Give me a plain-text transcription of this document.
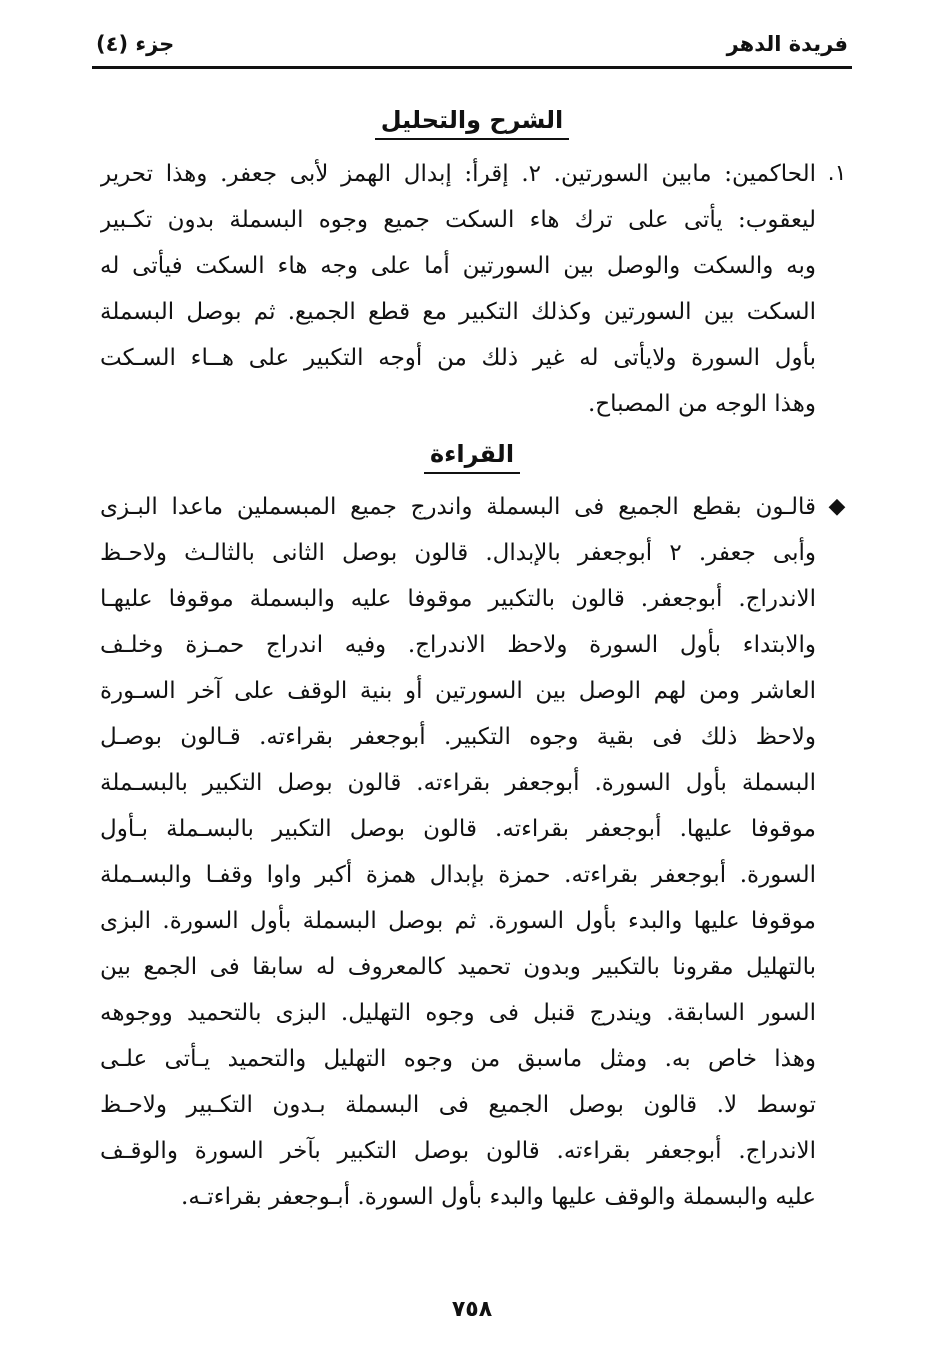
فريدة الدهر
جزء (٤)
الشرح والتحليل
١.
الحاكمين: مابين السورتين. ٢. إقرأ: إبدال الهمز لأبى جعفر. وهذا تحرير
ليعقوب: يأتى على ترك هاء السكت جميع وجوه البسملة بدون تكـبير
وبه والسكت والوصل بين السورتين أما على وجه هاء السكت فيأتى له
السكت بين السورتين وكذلك التكبير مع قطع الجميع. ثم بوصل البسملة
بأول السورة ولايأتى له غير ذلك من أوجه التكبير على هــاء السـكت
وهذا الوجه من المصباح.
القراءة
◆
قالـون بقطع الجميع فى البسملة واندرج جميع المبسملين ماعدا البـزى
وأبى جعفر. ٢ أبوجعفر بالإبدال. قالون بوصل الثانى بالثالـث ولاحـظ
الاندراج. أبوجعفر. قالون بالتكبير موقوفا عليه والبسملة موقوفا عليهـا
والابتداء بأول السورة ولاحظ الاندراج. وفيه اندراج حمـزة وخلـف
العاشر ومن لهم الوصل بين السورتين أو بنية الوقف على آخر السـورة
ولاحظ ذلك فى بقية وجوه التكبير. أبوجعفر بقراءته. قـالون بوصـل
البسملة بأول السورة. أبوجعفر بقراءته. قالون بوصل التكبير بالبسـملة
موقوفا عليها. أبوجعفر بقراءته. قالون بوصل التكبير بالبسـملة بـأول
السورة. أبوجعفر بقراءته. حمزة بإبدال همزة أكبر واوا وقفـا والبسـملة
موقوفا عليها والبدء بأول السورة. ثم بوصل البسملة بأول السورة. البزى
بالتهليل مقرونا بالتكبير وبدون تحميد كالمعروف له سابقا فى الجمع بين
السور السابقة. ويندرج قنبل فى وجوه التهليل. البزى بالتحميد ووجوهه
وهذا خاص به. ومثل ماسبق من وجوه التهليل والتحميد يـأتى علـى
توسط لا. قالون بوصل الجميع فى البسملة بـدون التكـبير ولاحـظ
الاندراج. أبوجعفر بقراءته. قالون بوصل التكبير بآخر السورة والوقـف
عليه والبسملة والوقف عليها والبدء بأول السورة. أبـوجعفر بقراءتـه.
٧٥٨
